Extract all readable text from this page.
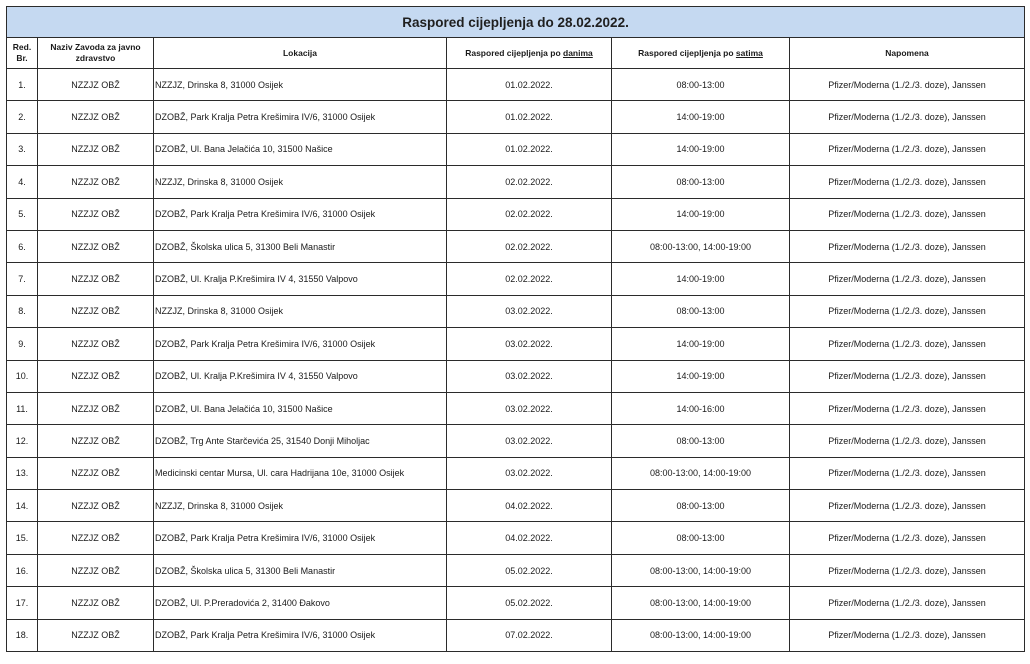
Raspored cijepljenja do 28.02.2022.					
Red. Br.	Naziv Zavoda za javno zdravstvo	Lokacija	Raspored cijepljenja po danima	Raspored cijepljenja po satima	Napomena
1.	NZZJZ OBŽ	NZZJZ, Drinska 8, 31000 Osijek	01.02.2022.	08:00-13:00	Pfizer/Moderna (1./2./3. doze), Janssen
2.	NZZJZ OBŽ	DZOBŽ, Park Kralja Petra Krešimira IV/6, 31000 Osijek	01.02.2022.	14:00-19:00	Pfizer/Moderna (1./2./3. doze), Janssen
3.	NZZJZ OBŽ	DZOBŽ, Ul. Bana Jelačića 10, 31500 Našice	01.02.2022.	14:00-19:00	Pfizer/Moderna (1./2./3. doze), Janssen
4.	NZZJZ OBŽ	NZZJZ, Drinska 8, 31000 Osijek	02.02.2022.	08:00-13:00	Pfizer/Moderna (1./2./3. doze), Janssen
5.	NZZJZ OBŽ	DZOBŽ, Park Kralja Petra Krešimira IV/6, 31000 Osijek	02.02.2022.	14:00-19:00	Pfizer/Moderna (1./2./3. doze), Janssen
6.	NZZJZ OBŽ	DZOBŽ, Školska ulica 5, 31300 Beli Manastir	02.02.2022.	08:00-13:00, 14:00-19:00	Pfizer/Moderna (1./2./3. doze), Janssen
7.	NZZJZ OBŽ	DZOBŽ, Ul. Kralja P.Krešimira IV 4, 31550 Valpovo	02.02.2022.	14:00-19:00	Pfizer/Moderna (1./2./3. doze), Janssen
8.	NZZJZ OBŽ	NZZJZ, Drinska 8, 31000 Osijek	03.02.2022.	08:00-13:00	Pfizer/Moderna (1./2./3. doze), Janssen
9.	NZZJZ OBŽ	DZOBŽ, Park Kralja Petra Krešimira IV/6, 31000 Osijek	03.02.2022.	14:00-19:00	Pfizer/Moderna (1./2./3. doze), Janssen
10.	NZZJZ OBŽ	DZOBŽ, Ul. Kralja P.Krešimira IV 4, 31550 Valpovo	03.02.2022.	14:00-19:00	Pfizer/Moderna (1./2./3. doze), Janssen
11.	NZZJZ OBŽ	DZOBŽ, Ul. Bana Jelačića 10, 31500 Našice	03.02.2022.	14:00-16:00	Pfizer/Moderna (1./2./3. doze), Janssen
12.	NZZJZ OBŽ	DZOBŽ, Trg Ante Starčevića 25, 31540 Donji Miholjac	03.02.2022.	08:00-13:00	Pfizer/Moderna (1./2./3. doze), Janssen
13.	NZZJZ OBŽ	Medicinski centar Mursa, Ul. cara Hadrijana 10e, 31000 Osijek	03.02.2022.	08:00-13:00, 14:00-19:00	Pfizer/Moderna (1./2./3. doze), Janssen
14.	NZZJZ OBŽ	NZZJZ, Drinska 8, 31000 Osijek	04.02.2022.	08:00-13:00	Pfizer/Moderna (1./2./3. doze), Janssen
15.	NZZJZ OBŽ	DZOBŽ, Park Kralja Petra Krešimira IV/6, 31000 Osijek	04.02.2022.	08:00-13:00	Pfizer/Moderna (1./2./3. doze), Janssen
16.	NZZJZ OBŽ	DZOBŽ, Školska ulica 5, 31300 Beli Manastir	05.02.2022.	08:00-13:00, 14:00-19:00	Pfizer/Moderna (1./2./3. doze), Janssen
17.	NZZJZ OBŽ	DZOBŽ, Ul. P.Preradovića 2, 31400 Đakovo	05.02.2022.	08:00-13:00, 14:00-19:00	Pfizer/Moderna (1./2./3. doze), Janssen
18.	NZZJZ OBŽ	DZOBŽ, Park Kralja Petra Krešimira IV/6, 31000 Osijek	07.02.2022.	08:00-13:00, 14:00-19:00	Pfizer/Moderna (1./2./3. doze), Janssen
